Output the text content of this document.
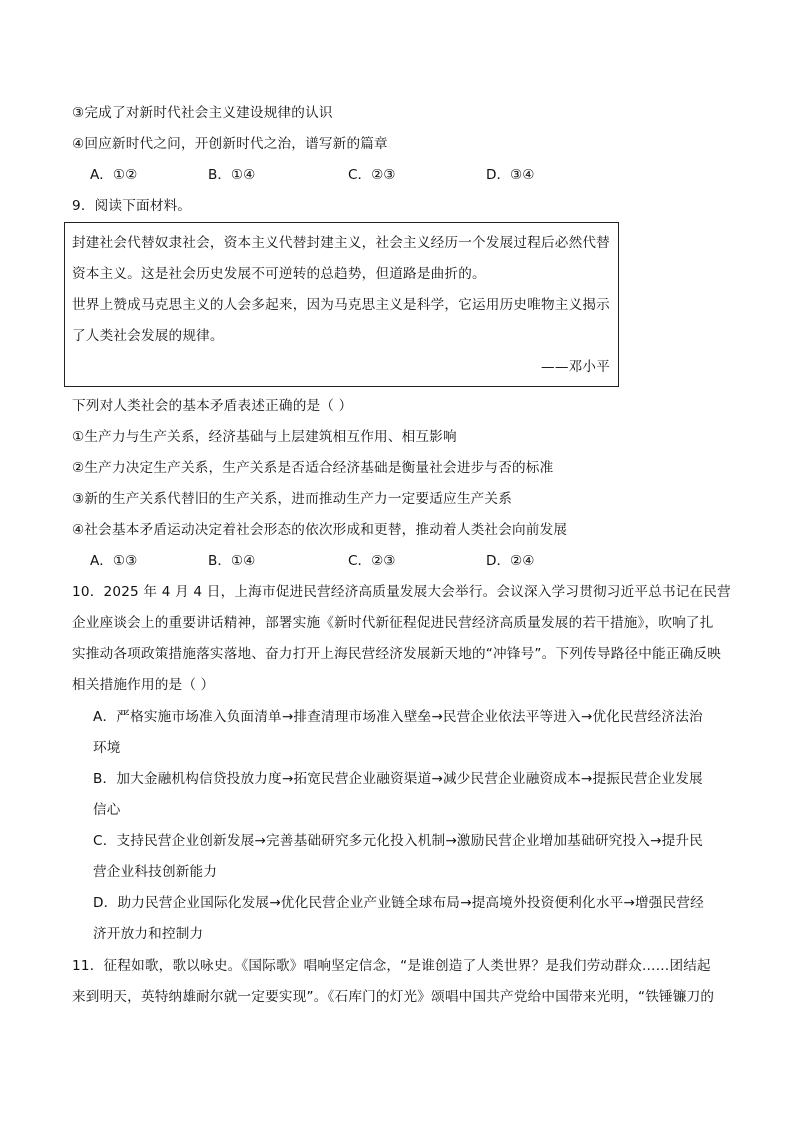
③完成了对新时代社会主义建设规律的认识
④回应新时代之问，开创新时代之治，谱写新的篇章
A．①②	B．①④	C．②③	D．③④
9．阅读下面材料。
封建社会代替奴隶社会，资本主义代替封建主义，社会主义经历一个发展过程后必然代替
资本主义。这是社会历史发展不可逆转的总趋势，但道路是曲折的。
世界上赞成马克思主义的人会多起来，因为马克思主义是科学，它运用历史唯物主义揭示
了人类社会发展的规律。
——邓小平
下列对人类社会的基本矛盾表述正确的是（ ）
①生产力与生产关系，经济基础与上层建筑相互作用、相互影响
②生产力决定生产关系，生产关系是否适合经济基础是衡量社会进步与否的标准
③新的生产关系代替旧的生产关系，进而推动生产力一定要适应生产关系
④社会基本矛盾运动决定着社会形态的依次形成和更替，推动着人类社会向前发展
A．①③	B．①④	C．②③	D．②④
10．2025 年 4 月 4 日，上海市促进民营经济高质量发展大会举行。会议深入学习贯彻习近平总书记在民营
企业座谈会上的重要讲话精神，部署实施《新时代新征程促进民营经济高质量发展的若干措施》，吹响了扎
实推动各项政策措施落实落地、奋力打开上海民营经济发展新天地的“冲锋号”。下列传导路径中能正确反映
相关措施作用的是（ ）
A．严格实施市场准入负面清单→排查清理市场准入壁垒→民营企业依法平等进入→优化民营经济法治
环境
B．加大金融机构信贷投放力度→拓宽民营企业融资渠道→减少民营企业融资成本→提振民营企业发展
信心
C．支持民营企业创新发展→完善基础研究多元化投入机制→激励民营企业增加基础研究投入→提升民
营企业科技创新能力
D．助力民营企业国际化发展→优化民营企业产业链全球布局→提高境外投资便利化水平→增强民营经
济开放力和控制力
11．征程如歌，歌以咏史。《国际歌》唱响坚定信念，“是谁创造了人类世界？是我们劳动群众……团结起
来到明天，英特纳雄耐尔就一定要实现”。《石库门的灯光》颂唱中国共产党给中国带来光明，“铁锤镰刀的
